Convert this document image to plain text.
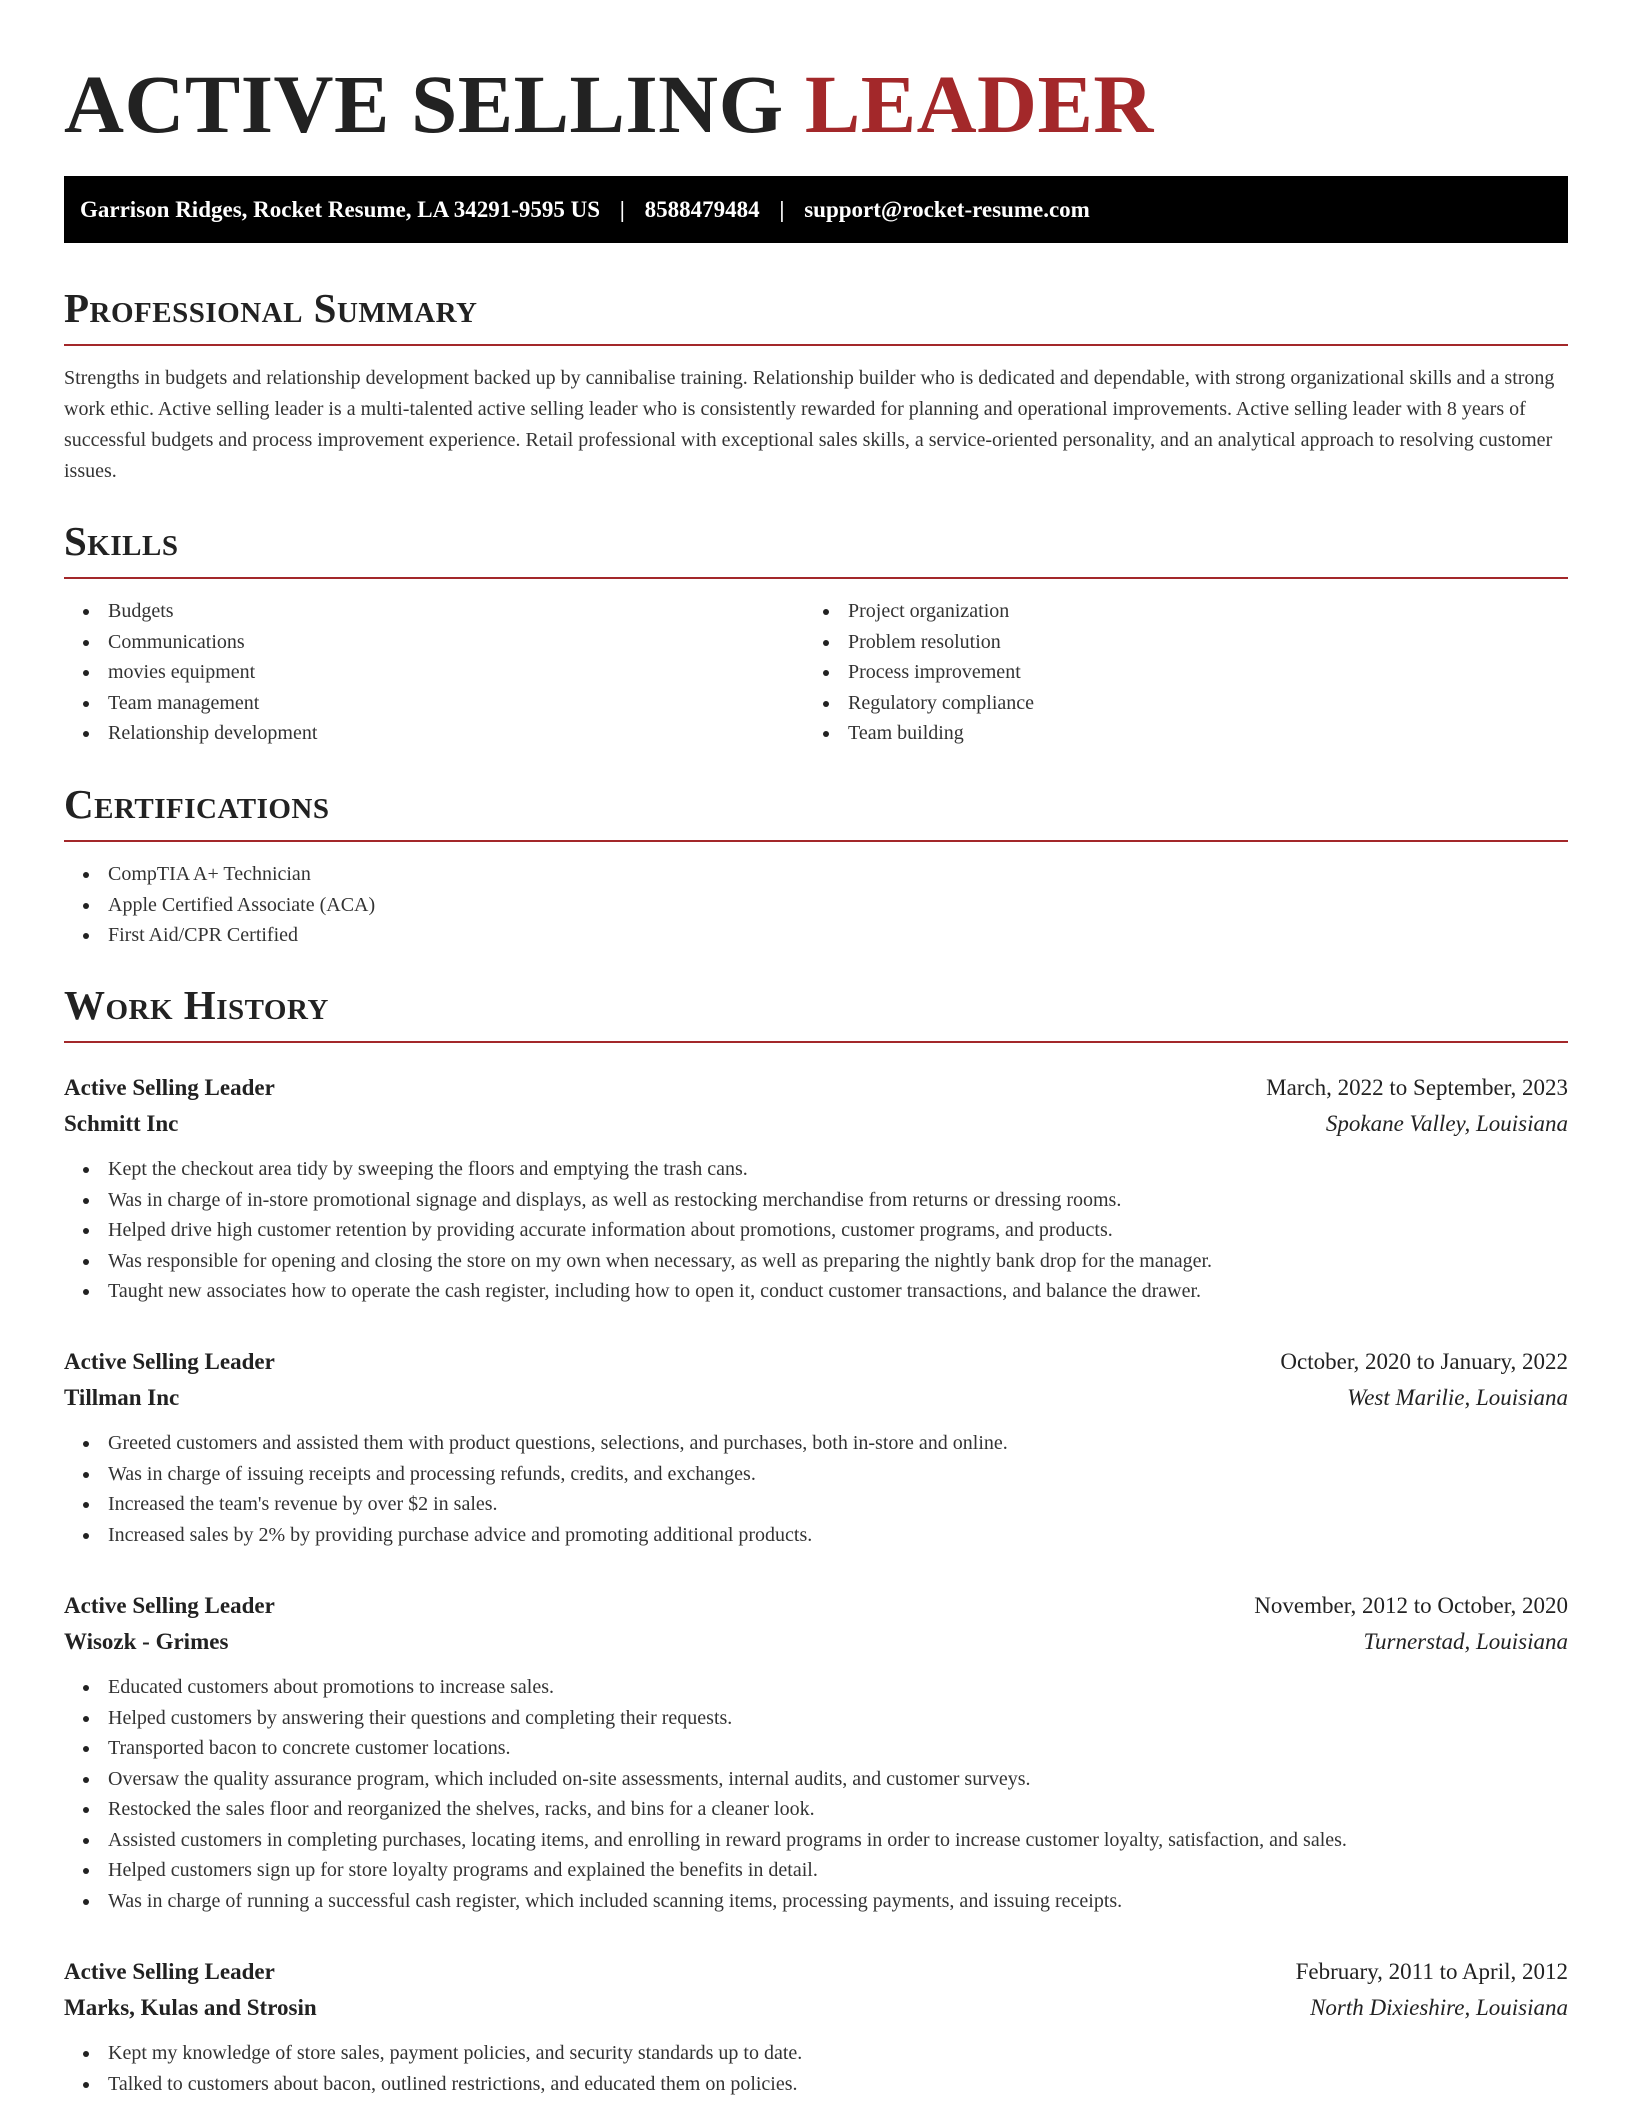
ACTIVE SELLING LEADER
Garrison Ridges, Rocket Resume, LA 34291-9595 US | 8588479484 | support@rocket-resume.com
Professional Summary
Strengths in budgets and relationship development backed up by cannibalise training. Relationship builder who is dedicated and dependable, with strong organizational skills and a strong work ethic. Active selling leader is a multi-talented active selling leader who is consistently rewarded for planning and operational improvements. Active selling leader with 8 years of successful budgets and process improvement experience. Retail professional with exceptional sales skills, a service-oriented personality, and an analytical approach to resolving customer issues.
Skills
Budgets
Communications
movies equipment
Team management
Relationship development
Project organization
Problem resolution
Process improvement
Regulatory compliance
Team building
Certifications
CompTIA A+ Technician
Apple Certified Associate (ACA)
First Aid/CPR Certified
Work History
Active Selling Leader	March, 2022 to September, 2023
Schmitt Inc	Spokane Valley, Louisiana
Kept the checkout area tidy by sweeping the floors and emptying the trash cans.
Was in charge of in-store promotional signage and displays, as well as restocking merchandise from returns or dressing rooms.
Helped drive high customer retention by providing accurate information about promotions, customer programs, and products.
Was responsible for opening and closing the store on my own when necessary, as well as preparing the nightly bank drop for the manager.
Taught new associates how to operate the cash register, including how to open it, conduct customer transactions, and balance the drawer.
Active Selling Leader	October, 2020 to January, 2022
Tillman Inc	West Marilie, Louisiana
Greeted customers and assisted them with product questions, selections, and purchases, both in-store and online.
Was in charge of issuing receipts and processing refunds, credits, and exchanges.
Increased the team's revenue by over $2 in sales.
Increased sales by 2% by providing purchase advice and promoting additional products.
Active Selling Leader	November, 2012 to October, 2020
Wisozk - Grimes	Turnerstad, Louisiana
Educated customers about promotions to increase sales.
Helped customers by answering their questions and completing their requests.
Transported bacon to concrete customer locations.
Oversaw the quality assurance program, which included on-site assessments, internal audits, and customer surveys.
Restocked the sales floor and reorganized the shelves, racks, and bins for a cleaner look.
Assisted customers in completing purchases, locating items, and enrolling in reward programs in order to increase customer loyalty, satisfaction, and sales.
Helped customers sign up for store loyalty programs and explained the benefits in detail.
Was in charge of running a successful cash register, which included scanning items, processing payments, and issuing receipts.
Active Selling Leader	February, 2011 to April, 2012
Marks, Kulas and Strosin	North Dixieshire, Louisiana
Kept my knowledge of store sales, payment policies, and security standards up to date.
Talked to customers about bacon, outlined restrictions, and educated them on policies.
